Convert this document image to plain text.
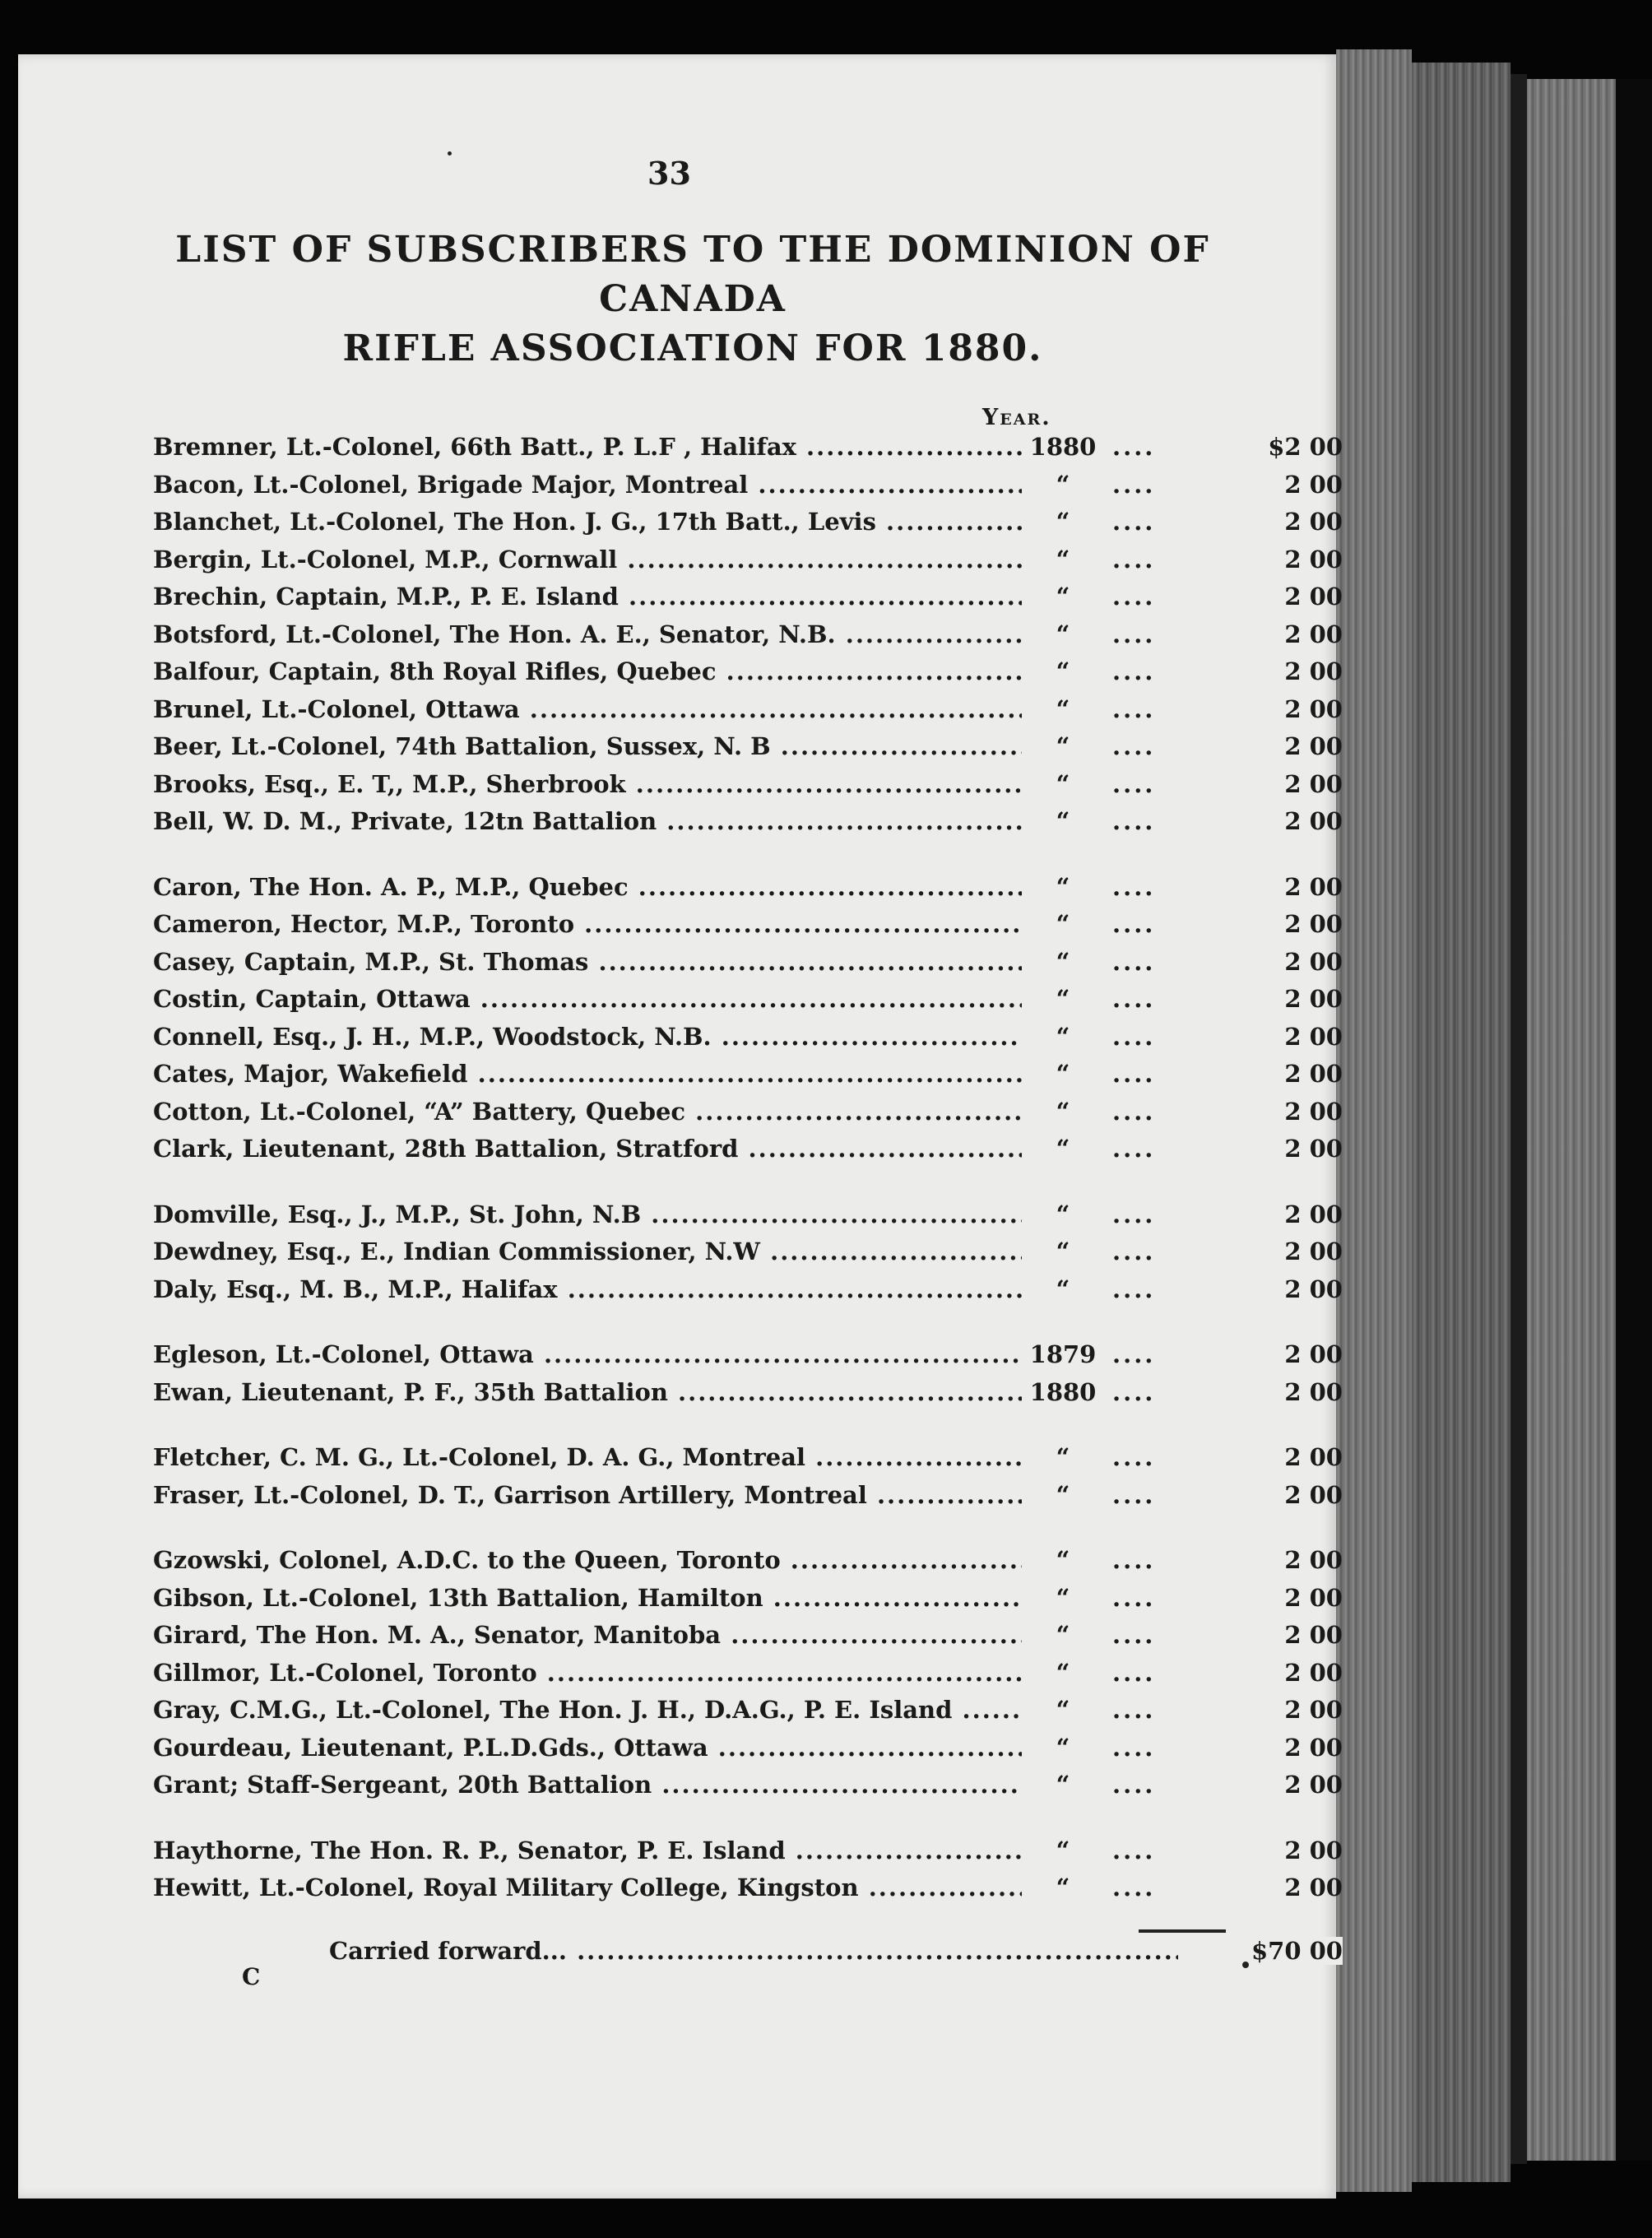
33
LIST OF SUBSCRIBERS TO THE DOMINION OF CANADA
RIFLE ASSOCIATION FOR 1880.
Year.
Bremner, Lt.-Colonel, 66th Batt., P. L.F , Halifax .....	1880 ....	$2 00
Bacon, Lt.-Colonel, Brigade Major, Montreal .....	“	....	2 00
Blanchet, Lt.-Colonel, The Hon. J. G., 17th Batt., Levis .....	“	....	2 00
Bergin, Lt.-Colonel, M.P., Cornwall .....	“	....	2 00
Brechin, Captain, M.P., P. E. Island .....	“	....	2 00
Botsford, Lt.-Colonel, The Hon. A. E., Senator, N.B. .....	“	....	2 00
Balfour, Captain, 8th Royal Rifles, Quebec .....	“	....	2 00
Brunel, Lt.-Colonel, Ottawa .....	“	....	2 00
Beer, Lt.-Colonel, 74th Battalion, Sussex, N. B .....	“	....	2 00
Brooks, Esq., E. T,, M.P., Sherbrook .....	“	....	2 00
Bell, W. D. M., Private, 12tn Battalion .....	“	....	2 00
Caron, The Hon. A. P., M.P., Quebec .....	“	....	2 00
Cameron, Hector, M.P., Toronto .....	“	....	2 00
Casey, Captain, M.P., St. Thomas .....	“	....	2 00
Costin, Captain, Ottawa .....	“	....	2 00
Connell, Esq., J. H., M.P., Woodstock, N.B. .....	“	....	2 00
Cates, Major, Wakefield .....	“	....	2 00
Cotton, Lt.-Colonel, “A” Battery, Quebec .....	“	....	2 00
Clark, Lieutenant, 28th Battalion, Stratford .....	“	....	2 00
Domville, Esq., J., M.P., St. John, N.B .....	“	....	2 00
Dewdney, Esq., E., Indian Commissioner, N.W .....	“	....	2 00
Daly, Esq., M. B., M.P., Halifax .....	“	....	2 00
Egleson, Lt.-Colonel, Ottawa .....	1879 ....	2 00
Ewan, Lieutenant, P. F., 35th Battalion .....	1880 ....	2 00
Fletcher, C. M. G., Lt.-Colonel, D. A. G., Montreal .....	“	....	2 00
Fraser, Lt.-Colonel, D. T., Garrison Artillery, Montreal .....	“	....	2 00
Gzowski, Colonel, A.D.C. to the Queen, Toronto .....	“	....	2 00
Gibson, Lt.-Colonel, 13th Battalion, Hamilton .....	“	....	2 00
Girard, The Hon. M. A., Senator, Manitoba .....	“	....	2 00
Gillmor, Lt.-Colonel, Toronto .....	“	....	2 00
Gray, C.M.G., Lt.-Colonel, The Hon. J. H., D.A.G., P. E. Island .....	“	....	2 00
Gourdeau, Lieutenant, P.L.D.Gds., Ottawa .....	“	....	2 00
Grant; Staff-Sergeant, 20th Battalion .....	“	....	2 00
Haythorne, The Hon. R. P., Senator, P. E. Island .....	“	....	2 00
Hewitt, Lt.-Colonel, Royal Military College, Kingston .....	“	....	2 00
Carried forward... .....	$70 00
C
